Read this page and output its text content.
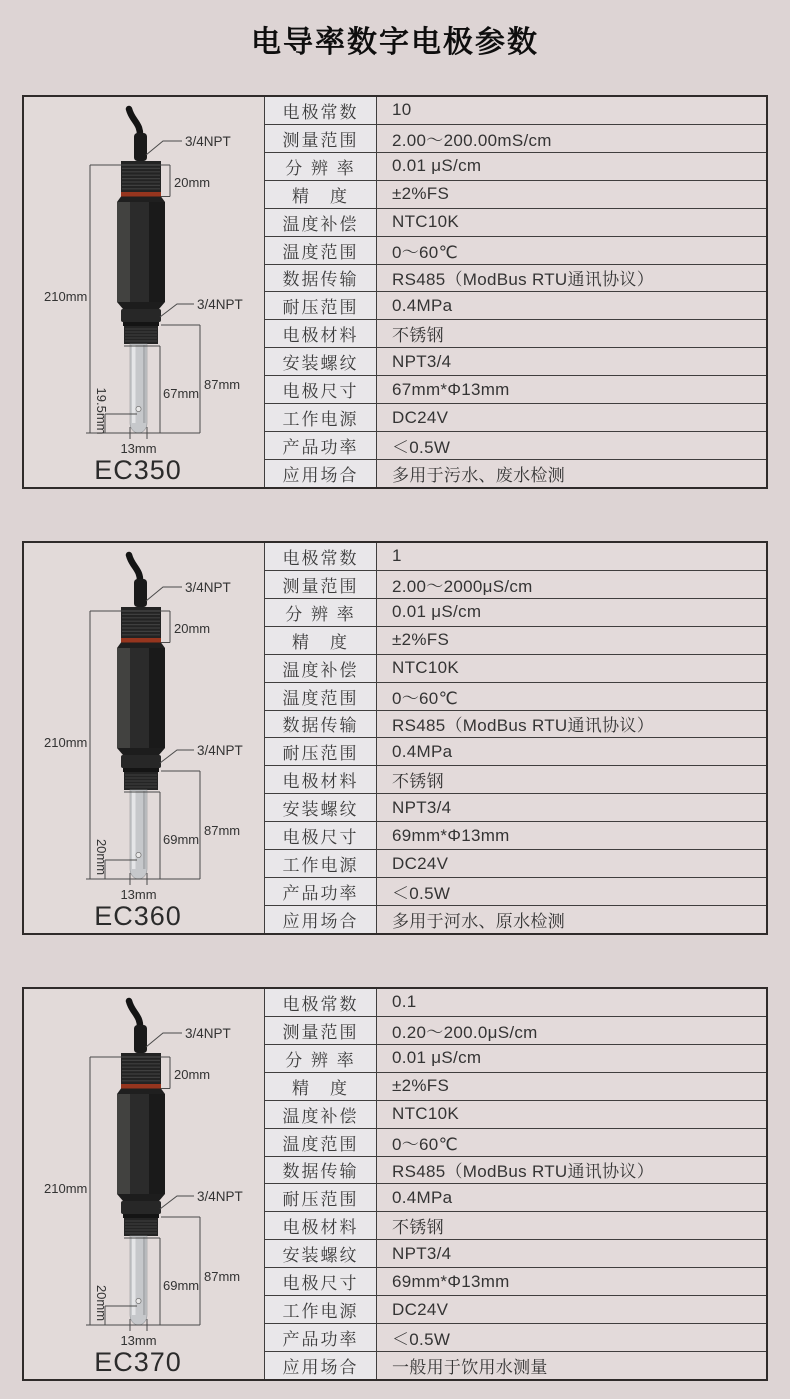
电导率数字电极参数
210mm
20mm
3/4NPT
3/4NPT
87mm
67mm
19.5mm
13mm
EC350
电极常数	10
测量范围	2.00～200.00mS/cm
分 辨 率	0.01 μS/cm
精　度	±2%FS
温度补偿	NTC10K
温度范围	0～60℃
数据传输	RS485（ModBus RTU通讯协议）
耐压范围	0.4MPa
电极材料	不锈钢
安装螺纹	NPT3/4
电极尺寸	67mm*Φ13mm
工作电源	DC24V
产品功率	＜0.5W
应用场合	多用于污水、废水检测
210mm
20mm
3/4NPT
3/4NPT
87mm
69mm
20mm
13mm
EC360
电极常数	1
测量范围	2.00～2000μS/cm
分 辨 率	0.01 μS/cm
精　度	±2%FS
温度补偿	NTC10K
温度范围	0～60℃
数据传输	RS485（ModBus RTU通讯协议）
耐压范围	0.4MPa
电极材料	不锈钢
安装螺纹	NPT3/4
电极尺寸	69mm*Φ13mm
工作电源	DC24V
产品功率	＜0.5W
应用场合	多用于河水、原水检测
210mm
20mm
3/4NPT
3/4NPT
87mm
69mm
20mm
13mm
EC370
电极常数	0.1
测量范围	0.20～200.0μS/cm
分 辨 率	0.01 μS/cm
精　度	±2%FS
温度补偿	NTC10K
温度范围	0～60℃
数据传输	RS485（ModBus RTU通讯协议）
耐压范围	0.4MPa
电极材料	不锈钢
安装螺纹	NPT3/4
电极尺寸	69mm*Φ13mm
工作电源	DC24V
产品功率	＜0.5W
应用场合	一般用于饮用水测量
